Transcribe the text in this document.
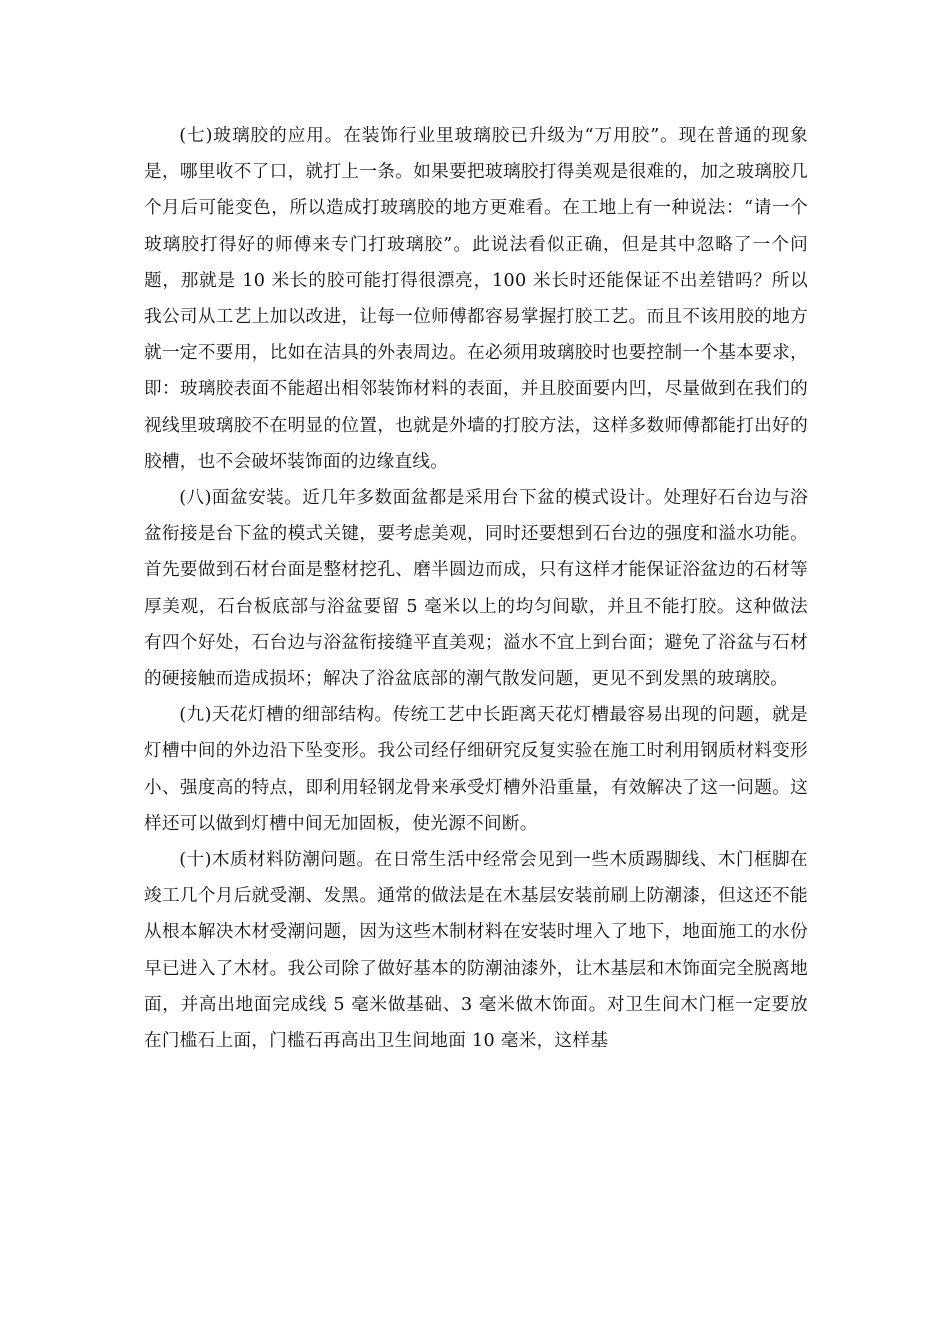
(七)玻璃胶的应用。在装饰行业里玻璃胶已升级为“万用胶”。现在普通的现象是，哪里收不了口，就打上一条。如果要把玻璃胶打得美观是很难的，加之玻璃胶几个月后可能变色，所以造成打玻璃胶的地方更难看。在工地上有一种说法：“请一个玻璃胶打得好的师傅来专门打玻璃胶”。此说法看似正确，但是其中忽略了一个问题，那就是 10 米长的胶可能打得很漂亮，100 米长时还能保证不出差错吗？所以我公司从工艺上加以改进，让每一位师傅都容易掌握打胶工艺。而且不该用胶的地方就一定不要用，比如在洁具的外表周边。在必须用玻璃胶时也要控制一个基本要求，即：玻璃胶表面不能超出相邻装饰材料的表面，并且胶面要内凹，尽量做到在我们的视线里玻璃胶不在明显的位置，也就是外墙的打胶方法，这样多数师傅都能打出好的胶槽，也不会破坏装饰面的边缘直线。

(八)面盆安装。近几年多数面盆都是采用台下盆的模式设计。处理好石台边与浴盆衔接是台下盆的模式关键，要考虑美观，同时还要想到石台边的强度和溢水功能。首先要做到石材台面是整材挖孔、磨半圆边而成，只有这样才能保证浴盆边的石材等厚美观，石台板底部与浴盆要留 5 毫米以上的均匀间歇，并且不能打胶。这种做法有四个好处，石台边与浴盆衔接缝平直美观；溢水不宜上到台面；避免了浴盆与石材的硬接触而造成损坏；解决了浴盆底部的潮气散发问题，更见不到发黑的玻璃胶。

(九)天花灯槽的细部结构。传统工艺中长距离天花灯槽最容易出现的问题，就是灯槽中间的外边沿下坠变形。我公司经仔细研究反复实验在施工时利用钢质材料变形小、强度高的特点，即利用轻钢龙骨来承受灯槽外沿重量，有效解决了这一问题。这样还可以做到灯槽中间无加固板，使光源不间断。

(十)木质材料防潮问题。在日常生活中经常会见到一些木质踢脚线、木门框脚在竣工几个月后就受潮、发黑。通常的做法是在木基层安装前刷上防潮漆，但这还不能从根本解决木材受潮问题，因为这些木制材料在安装时埋入了地下，地面施工的水份早已进入了木材。我公司除了做好基本的防潮油漆外，让木基层和木饰面完全脱离地面，并高出地面完成线 5 毫米做基础、3 毫米做木饰面。对卫生间木门框一定要放在门槛石上面，门槛石再高出卫生间地面 10 毫米，这样基
